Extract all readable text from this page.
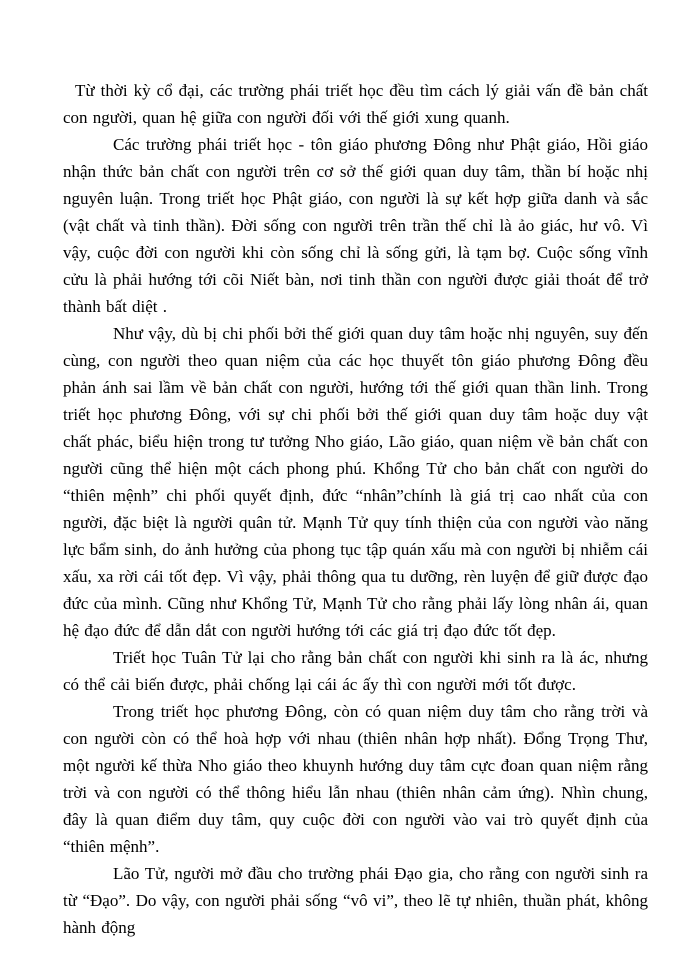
Từ thời kỳ cổ đại, các trường phái triết học đều tìm cách lý giải vấn đề bản chất con người, quan hệ giữa con người đối với thế giới xung quanh.

Các trường phái triết học - tôn giáo phương Đông như Phật giáo, Hồi giáo nhận thức bản chất con người trên cơ sở thế giới quan duy tâm, thần bí hoặc nhị nguyên luận. Trong triết học Phật giáo, con người là sự kết hợp giữa danh và sắc (vật chất và tinh thần). Đời sống con người trên trần thế chỉ là ảo giác, hư vô. Vì vậy, cuộc đời con người khi còn sống chỉ là sống gửi, là tạm bợ. Cuộc sống vĩnh cửu là phải hướng tới cõi Niết bàn, nơi tinh thần con người được giải thoát để trở thành bất diệt .

Như vậy, dù bị chi phối bởi thế giới quan duy tâm hoặc nhị nguyên, suy đến cùng, con người theo quan niệm của các học thuyết tôn giáo phương Đông đều phản ánh sai lầm về bản chất con người, hướng tới thế giới quan thần linh. Trong triết học phương Đông, với sự chi phối bởi thế giới quan duy tâm hoặc duy vật chất phác, biểu hiện trong tư tưởng Nho giáo, Lão giáo, quan niệm về bản chất con người cũng thể hiện một cách phong phú. Khổng Tử cho bản chất con người do “thiên mệnh” chi phối quyết định, đức “nhân”chính là giá trị cao nhất của con người, đặc biệt là người quân tử. Mạnh Tử quy tính thiện của con người vào năng lực bẩm sinh, do ảnh hưởng của phong tục tập quán xấu mà con người bị nhiễm cái xấu, xa rời cái tốt đẹp. Vì vậy, phải thông qua tu dưỡng, rèn luyện để giữ được đạo đức của mình. Cũng như Khổng Tử, Mạnh Tử cho rằng phải lấy lòng nhân ái, quan hệ đạo đức để dẫn dắt con người hướng tới các giá trị đạo đức tốt đẹp.

Triết học Tuân Tử lại cho rằng bản chất con người khi sinh ra là ác, nhưng có thể cải biến được, phải chống lại cái ác ấy thì con người mới tốt được.

Trong triết học phương Đông, còn có quan niệm duy tâm cho rằng trời và con người còn có thể hoà hợp với nhau (thiên nhân hợp nhất). Đổng Trọng Thư, một người kế thừa Nho giáo theo khuynh hướng duy tâm cực đoan quan niệm rằng trời và con người có thể thông hiểu lẫn nhau (thiên nhân cảm ứng). Nhìn chung, đây là quan điểm duy tâm, quy cuộc đời con người vào vai trò quyết định của “thiên mệnh”.

Lão Tử, người mở đầu cho trường phái Đạo gia, cho rằng con người sinh ra từ “Đạo”. Do vậy, con người phải sống “vô vi”, theo lẽ tự nhiên, thuần phát, không hành động
